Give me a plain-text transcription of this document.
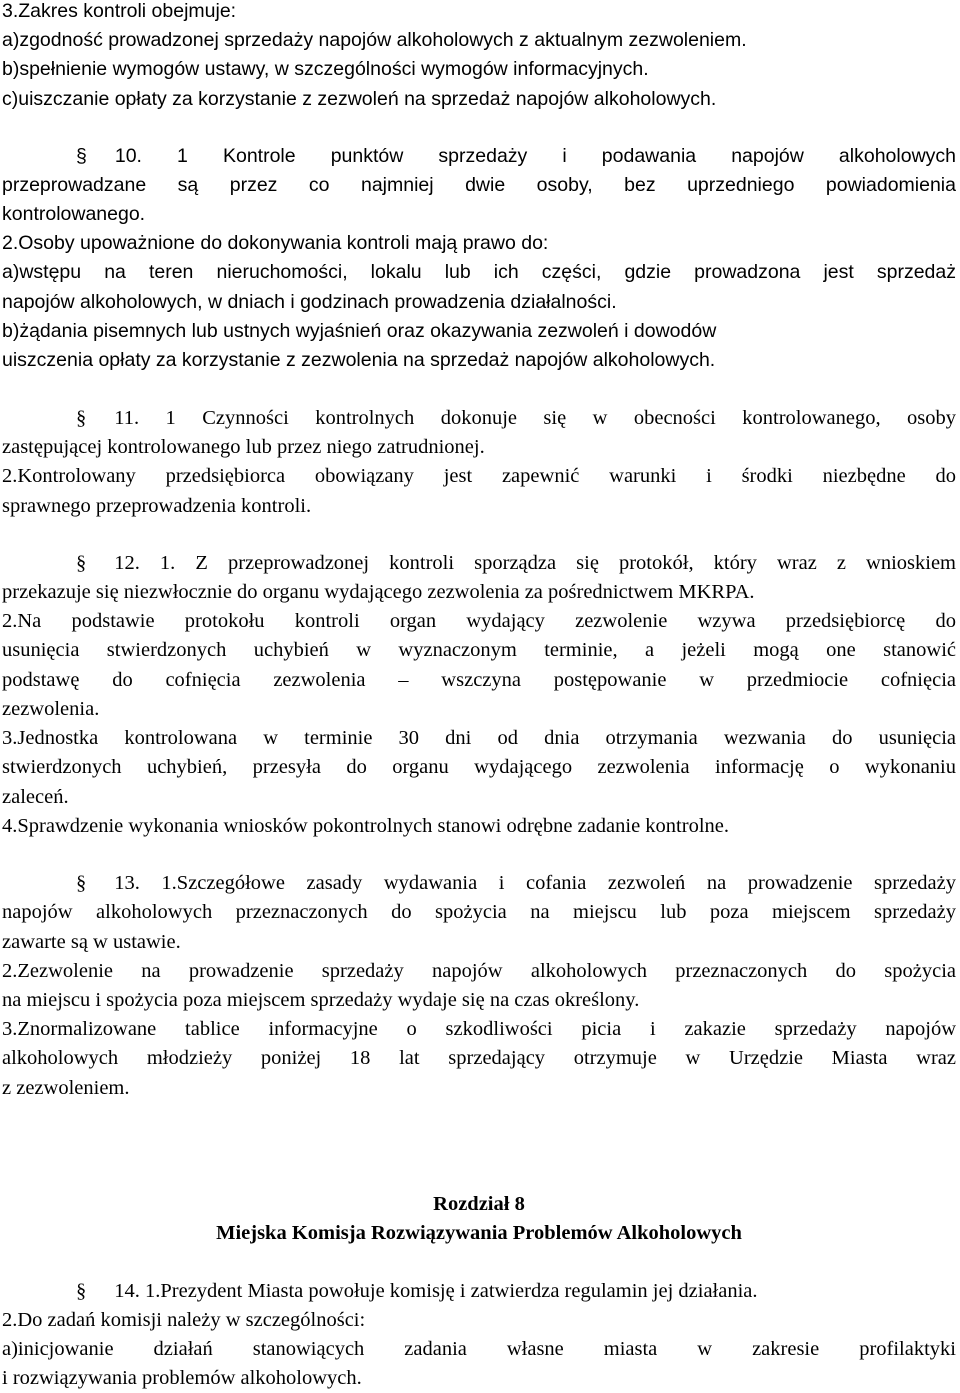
3.Zakres kontroli obejmuje:
a)zgodność prowadzonej sprzedaży napojów alkoholowych z aktualnym zezwoleniem.
b)spełnienie wymogów ustawy, w szczególności wymogów informacyjnych.
c)uiszczanie opłaty za korzystanie z zezwoleń na sprzedaż napojów alkoholowych.
§ 10. 1 Kontrole punktów sprzedaży i podawania napojów alkoholowych
przeprowadzane są przez co najmniej dwie osoby, bez uprzedniego powiadomienia
kontrolowanego.
2.Osoby upoważnione do dokonywania kontroli mają prawo do:
a)wstępu na teren nieruchomości, lokalu lub ich części, gdzie prowadzona jest sprzedaż
napojów alkoholowych, w dniach i godzinach prowadzenia działalności.
b)żądania pisemnych lub ustnych wyjaśnień oraz okazywania zezwoleń i dowodów
uiszczenia opłaty za korzystanie z zezwolenia na sprzedaż napojów alkoholowych.
§ 11. 1 Czynności kontrolnych dokonuje się w obecności kontrolowanego, osoby
zastępującej kontrolowanego lub przez niego zatrudnionej.
2.Kontrolowany przedsiębiorca obowiązany jest zapewnić warunki i środki niezbędne do
sprawnego przeprowadzenia kontroli.
§ 12. 1. Z przeprowadzonej kontroli sporządza się protokół, który wraz z wnioskiem
przekazuje się niezwłocznie do organu wydającego zezwolenia za pośrednictwem MKRPA.
2.Na podstawie protokołu kontroli organ wydający zezwolenie wzywa przedsiębiorcę do
usunięcia stwierdzonych uchybień w wyznaczonym terminie, a jeżeli mogą one stanowić
podstawę do cofnięcia zezwolenia – wszczyna postępowanie w przedmiocie cofnięcia
zezwolenia.
3.Jednostka kontrolowana w terminie 30 dni od dnia otrzymania wezwania do usunięcia
stwierdzonych uchybień, przesyła do organu wydającego zezwolenia informację o wykonaniu
zaleceń.
4.Sprawdzenie wykonania wniosków pokontrolnych stanowi odrębne zadanie kontrolne.
§ 13. 1.Szczegółowe zasady wydawania i cofania zezwoleń na prowadzenie sprzedaży
napojów alkoholowych przeznaczonych do spożycia na miejscu lub poza miejscem sprzedaży
zawarte są w ustawie.
2.Zezwolenie na prowadzenie sprzedaży napojów alkoholowych przeznaczonych do spożycia
na miejscu i spożycia poza miejscem sprzedaży wydaje się na czas określony.
3.Znormalizowane tablice informacyjne o szkodliwości picia i zakazie sprzedaży napojów
alkoholowych młodzieży poniżej 18 lat sprzedający otrzymuje w Urzędzie Miasta wraz
z zezwoleniem.
Rozdział 8
Miejska Komisja Rozwiązywania Problemów Alkoholowych
§ 14. 1.Prezydent Miasta powołuje komisję i zatwierdza regulamin jej działania.
2.Do zadań komisji należy w szczególności:
a)inicjowanie działań stanowiących zadania własne miasta w zakresie profilaktyki
i rozwiązywania problemów alkoholowych.
